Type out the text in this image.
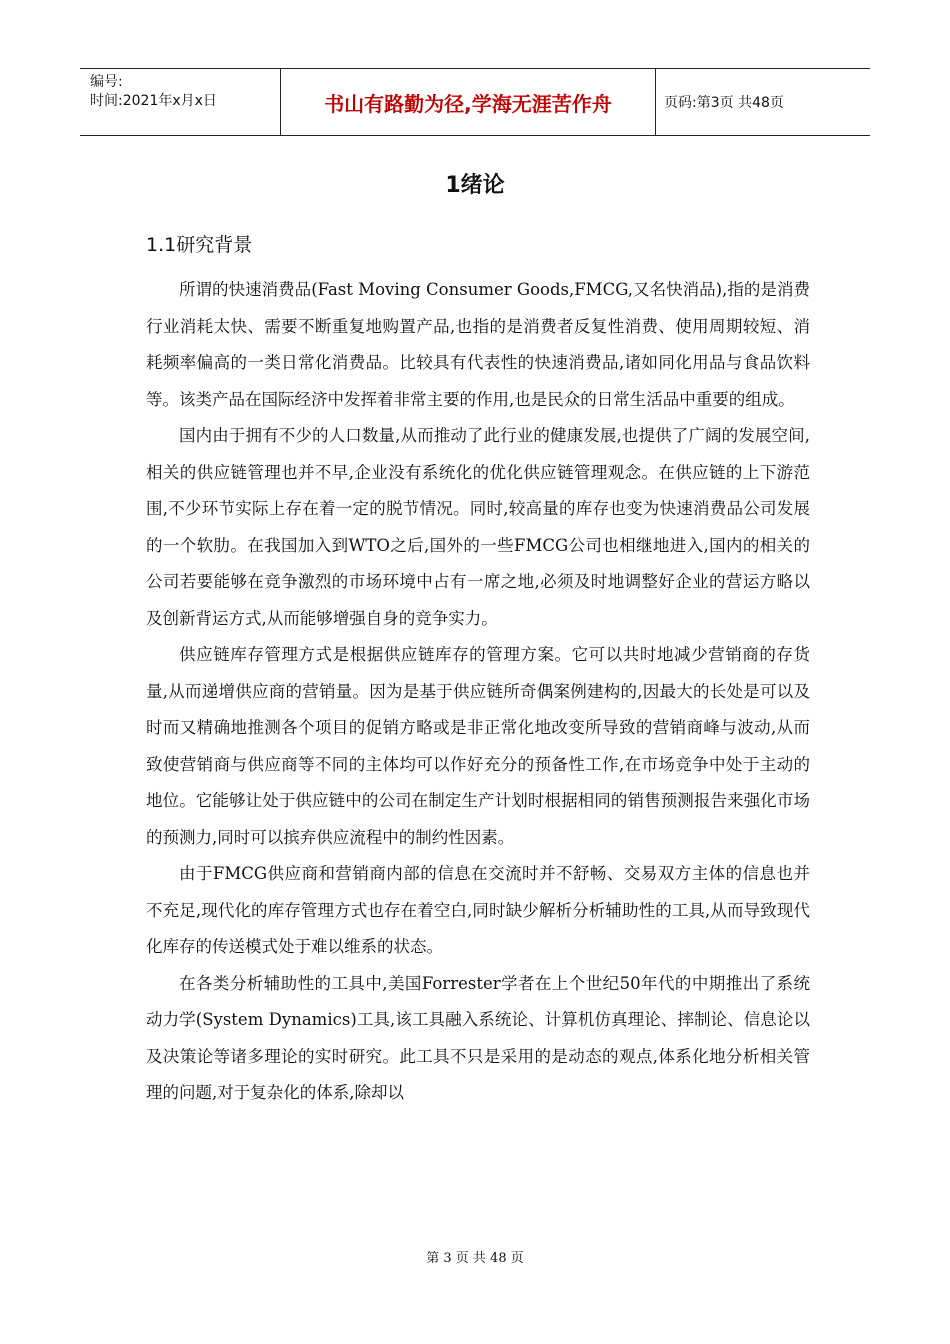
编号:
时间:2021年x月x日	书山有路勤为径,学海无涯苦作舟	页码:第3页 共48页
1绪论
1.1研究背景

所谓的快速消费品(Fast Moving Consumer Goods,FMCG,又名快消品),指的是消费行业消耗太快、需要不断重复地购置产品,也指的是消费者反复性消费、使用周期较短、消耗频率偏高的一类日常化消费品。比较具有代表性的快速消费品,诸如同化用品与食品饮料等。该类产品在国际经济中发挥着非常主要的作用,也是民众的日常生活品中重要的组成。

国内由于拥有不少的人口数量,从而推动了此行业的健康发展,也提供了广阔的发展空间,相关的供应链管理也并不早,企业没有系统化的优化供应链管理观念。在供应链的上下游范围,不少环节实际上存在着一定的脱节情况。同时,较高量的库存也变为快速消费品公司发展的一个软肋。在我国加入到WTO之后,国外的一些FMCG公司也相继地进入,国内的相关的公司若要能够在竞争激烈的市场环境中占有一席之地,必须及时地调整好企业的营运方略以及创新背运方式,从而能够增强自身的竞争实力。

供应链库存管理方式是根据供应链库存的管理方案。它可以共时地减少营销商的存货量,从而递增供应商的营销量。因为是基于供应链所奇偶案例建构的,因最大的长处是可以及时而又精确地推测各个项目的促销方略或是非正常化地改变所导致的营销商峰与波动,从而致使营销商与供应商等不同的主体均可以作好充分的预备性工作,在市场竞争中处于主动的地位。它能够让处于供应链中的公司在制定生产计划时根据相同的销售预测报告来强化市场的预测力,同时可以摈弃供应流程中的制约性因素。

由于FMCG供应商和营销商内部的信息在交流时并不舒畅、交易双方主体的信息也并不充足,现代化的库存管理方式也存在着空白,同时缺少解析分析辅助性的工具,从而导致现代化库存的传送模式处于难以维系的状态。

在各类分析辅助性的工具中,美国Forrester学者在上个世纪50年代的中期推出了系统动力学(System Dynamics)工具,该工具融入系统论、计算机仿真理论、摔制论、信息论以及决策论等诸多理论的实时研究。此工具不只是采用的是动态的观点,体系化地分析相关管理的问题,对于复杂化的体系,除却以

第 3 页 共 48 页
